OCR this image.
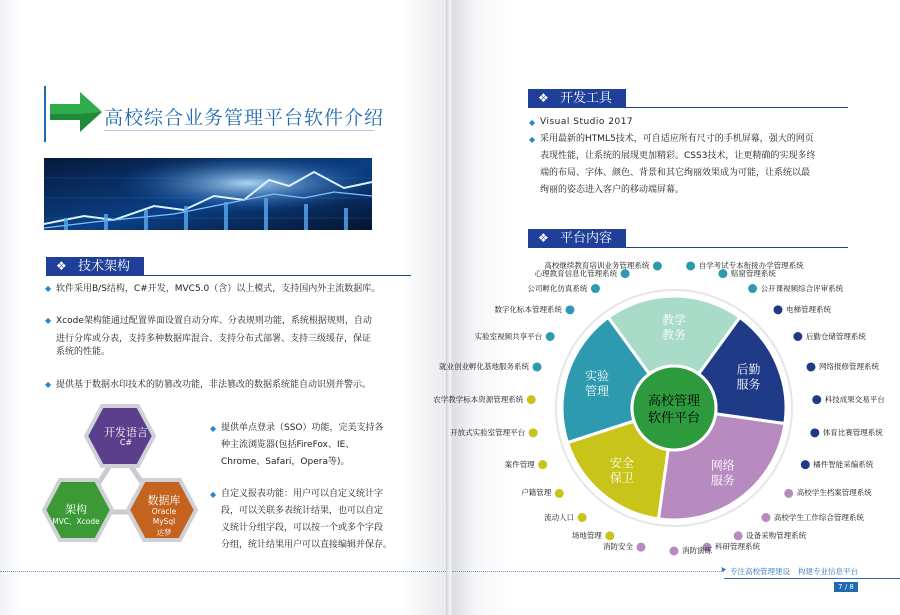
高校综合业务管理平台软件介绍
❖ 技术架构
◆ 软件采用B/S结构，C#开发，MVC5.0（含）以上模式，支持国内外主流数据库。
◆ Xcode架构能通过配置界面设置自动分库、分表规则功能，系统根据规则，自动
进行分库或分表，支持多种数据库混合、支持分布式部署、支持三级缓存，保证
系统的性能。
◆ 提供基于数据水印技术的防篡改功能，非法篡改的数据系统能自动识别并警示。
开发语言
C#
架构
MVC、Xcode
数据库
Oracle
MySql
达梦
◆ 提供单点登录（SSO）功能，完美支持各
种主流浏览器(包括FireFox、IE、
Chrome、Safari，Opera等)。
◆ 自定义报表功能：用户可以自定义统计字
段，可以关联多表统计结果，也可以自定
义统计分组字段，可以按一个或多个字段
分组，统计结果用户可以直接编辑并保存。
❖ 开发工具
◆ Visual Studio 2017
◆ 采用最新的HTML5技术，可自适应所有尺寸的手机屏幕，强大的网页
表现性能，让系统的展现更加精彩。CSS3技术，让更精确的实现多终
端的布局、字体、颜色、背景和其它绚丽效果成为可能，让系统以最
绚丽的姿态进入客户的移动端屏幕。
❖ 平台内容
教学
教务
后勤
服务
网络
服务
安全
保卫
实验
管理
高校管理
软件平台
自学考试专本衔接办学管理系统
赔窟管理系统
公开课视频综合评审系统
电梯管理系统
后勤仓储管理系统
网络报修管理系统
科技成果交易平台
体育比赛管理系统
橘件智能采编系统
高校学生档案管理系统
高校学生工作综合管理系统
设备采购管理系统
科研管理系统
消防演练
消防安全
场地管理
流动人口
户籍管理
案件管理
开放式实验室管理平台
农学教学标本资源管理系统
就业创业孵化基地服务系统
实验室视频共享平台
数字化标本管理系统
公司孵化仿真系统
心理教育信息化管理系统
高校继续教育培训业务管理系统
➤ 专注高校管理建设 构建专业信息平台
7 / 8
